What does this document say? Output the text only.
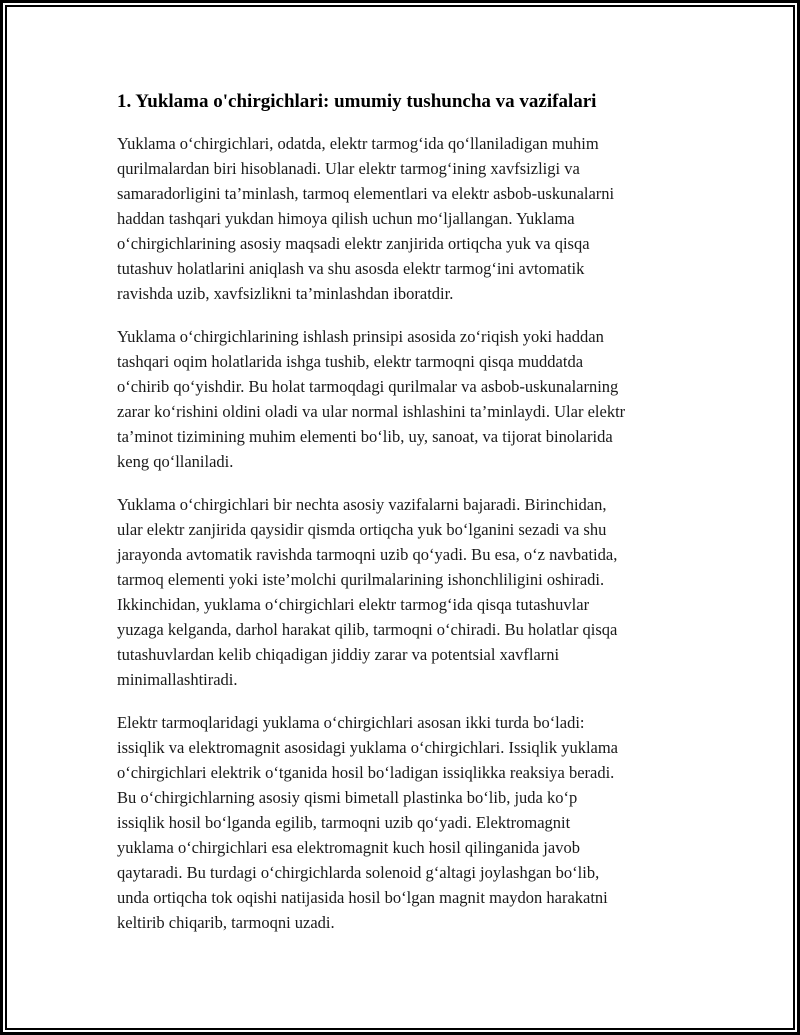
1. Yuklama o'chirgichlari: umumiy tushuncha va vazifalari

Yuklama o‘chirgichlari, odatda, elektr tarmog‘ida qo‘llaniladigan muhim
qurilmalardan biri hisoblanadi. Ular elektr tarmog‘ining xavfsizligi va
samaradorligini ta’minlash, tarmoq elementlari va elektr asbob-uskunalarni
haddan tashqari yukdan himoya qilish uchun mo‘ljallangan. Yuklama
o‘chirgichlarining asosiy maqsadi elektr zanjirida ortiqcha yuk va qisqa
tutashuv holatlarini aniqlash va shu asosda elektr tarmog‘ini avtomatik
ravishda uzib, xavfsizlikni ta’minlashdan iboratdir.

Yuklama o‘chirgichlarining ishlash prinsipi asosida zo‘riqish yoki haddan
tashqari oqim holatlarida ishga tushib, elektr tarmoqni qisqa muddatda
o‘chirib qo‘yishdir. Bu holat tarmoqdagi qurilmalar va asbob-uskunalarning
zarar ko‘rishini oldini oladi va ular normal ishlashini ta’minlaydi. Ular elektr
ta’minot tizimining muhim elementi bo‘lib, uy, sanoat, va tijorat binolarida
keng qo‘llaniladi.

Yuklama o‘chirgichlari bir nechta asosiy vazifalarni bajaradi. Birinchidan,
ular elektr zanjirida qaysidir qismda ortiqcha yuk bo‘lganini sezadi va shu
jarayonda avtomatik ravishda tarmoqni uzib qo‘yadi. Bu esa, o‘z navbatida,
tarmoq elementi yoki iste’molchi qurilmalarining ishonchliligini oshiradi.
Ikkinchidan, yuklama o‘chirgichlari elektr tarmog‘ida qisqa tutashuvlar
yuzaga kelganda, darhol harakat qilib, tarmoqni o‘chiradi. Bu holatlar qisqa
tutashuvlardan kelib chiqadigan jiddiy zarar va potentsial xavflarni
minimallashtiradi.

Elektr tarmoqlaridagi yuklama o‘chirgichlari asosan ikki turda bo‘ladi:
issiqlik va elektromagnit asosidagi yuklama o‘chirgichlari. Issiqlik yuklama
o‘chirgichlari elektrik o‘tganida hosil bo‘ladigan issiqlikka reaksiya beradi.
Bu o‘chirgichlarning asosiy qismi bimetall plastinka bo‘lib, juda ko‘p
issiqlik hosil bo‘lganda egilib, tarmoqni uzib qo‘yadi. Elektromagnit
yuklama o‘chirgichlari esa elektromagnit kuch hosil qilinganida javob
qaytaradi. Bu turdagi o‘chirgichlarda solenoid g‘altagi joylashgan bo‘lib,
unda ortiqcha tok oqishi natijasida hosil bo‘lgan magnit maydon harakatni
keltirib chiqarib, tarmoqni uzadi.
